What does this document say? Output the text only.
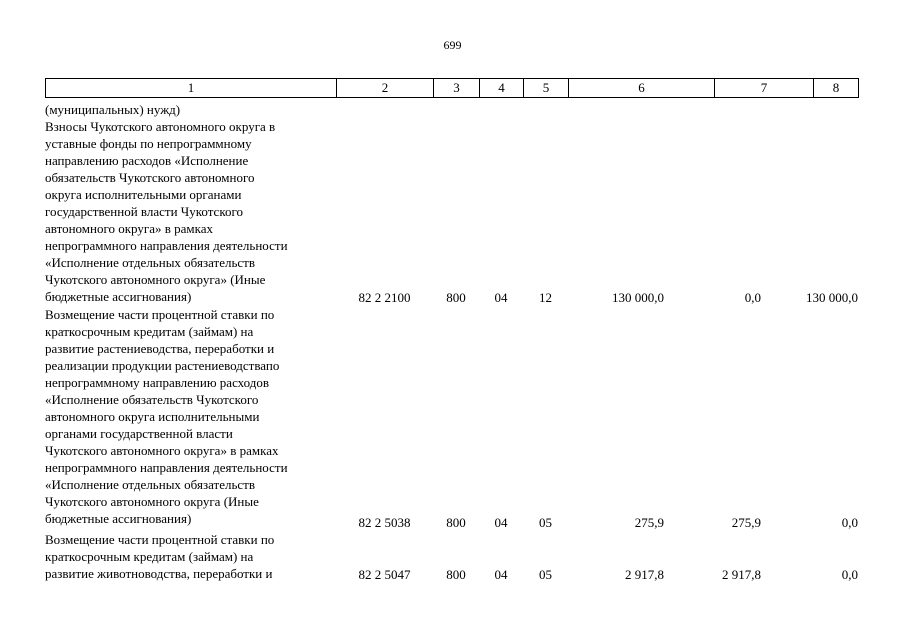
699
1	2	3	4	5	6	7	8
(муниципальных) нужд)
Взносы Чукотского автономного округа в
уставные фонды по непрограммному
направлению расходов «Исполнение
обязательств Чукотского автономного
округа исполнительными органами
государственной власти Чукотского
автономного округа» в рамках
непрограммного направления деятельности
«Исполнение отдельных обязательств
Чукотского автономного округа» (Иные
бюджетные ассигнования)	82 2 2100	800	04	12	130 000,0	0,0	130 000,0
Возмещение части процентной ставки по
краткосрочным кредитам (займам) на
развитие растениеводства, переработки и
реализации продукции растениеводствапо
непрограммному направлению расходов
«Исполнение обязательств Чукотского
автономного округа исполнительными
органами государственной власти
Чукотского автономного округа» в рамках
непрограммного направления деятельности
«Исполнение отдельных обязательств
Чукотского автономного округа (Иные
бюджетные ассигнования)	82 2 5038	800	04	05	275,9	275,9	0,0
Возмещение части процентной ставки по
краткосрочным кредитам (займам) на
развитие животноводства, переработки и	82 2 5047	800	04	05	2 917,8	2 917,8	0,0
